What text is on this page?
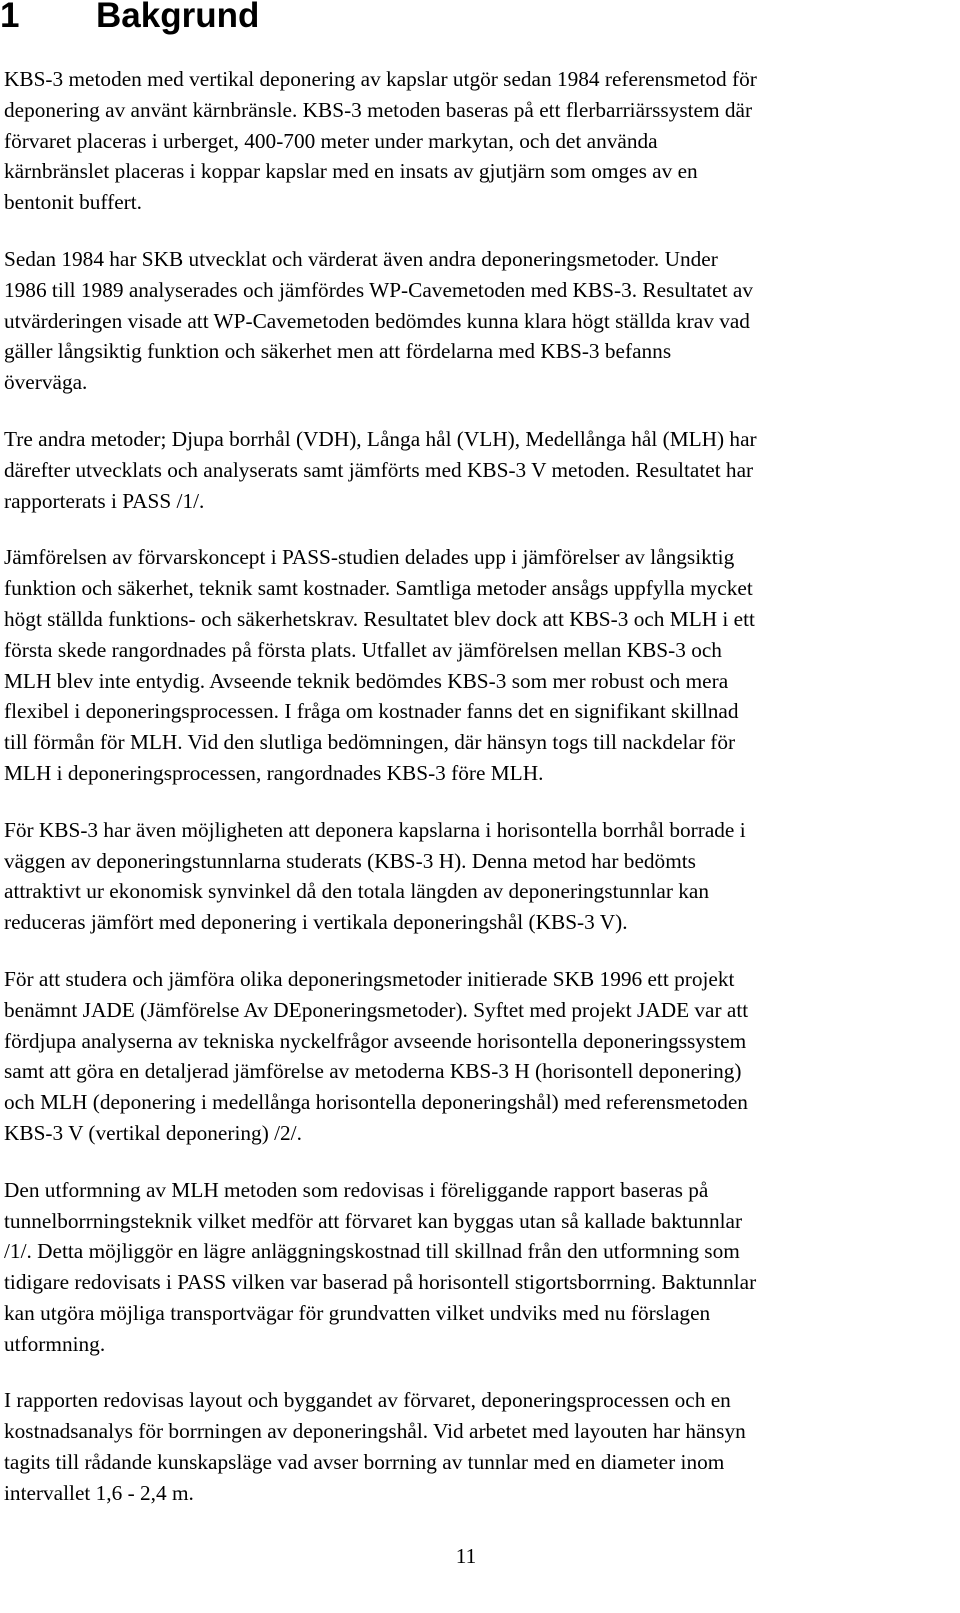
1 Bakgrund

KBS-3 metoden med vertikal deponering av kapslar utgör sedan 1984 referensmetod för
deponering av använt kärnbränsle. KBS-3 metoden baseras på ett flerbarriärssystem där
förvaret placeras i urberget, 400-700 meter under markytan, och det använda
kärnbränslet placeras i koppar kapslar med en insats av gjutjärn som omges av en
bentonit buffert.

Sedan 1984 har SKB utvecklat och värderat även andra deponeringsmetoder. Under
1986 till 1989 analyserades och jämfördes WP-Cavemetoden med KBS-3. Resultatet av
utvärderingen visade att WP-Cavemetoden bedömdes kunna klara högt ställda krav vad
gäller långsiktig funktion och säkerhet men att fördelarna med KBS-3 befanns
överväga.

Tre andra metoder; Djupa borrhål (VDH), Långa hål (VLH), Medellånga hål (MLH) har
därefter utvecklats och analyserats samt jämförts med KBS-3 V metoden. Resultatet har
rapporterats i PASS /1/.

Jämförelsen av förvarskoncept i PASS-studien delades upp i jämförelser av långsiktig
funktion och säkerhet, teknik samt kostnader. Samtliga metoder ansågs uppfylla mycket
högt ställda funktions- och säkerhetskrav. Resultatet blev dock att KBS-3 och MLH i ett
första skede rangordnades på första plats. Utfallet av jämförelsen mellan KBS-3 och
MLH blev inte entydig. Avseende teknik bedömdes KBS-3 som mer robust och mera
flexibel i deponeringsprocessen. I fråga om kostnader fanns det en signifikant skillnad
till förmån för MLH. Vid den slutliga bedömningen, där hänsyn togs till nackdelar för
MLH i deponeringsprocessen, rangordnades KBS-3 före MLH.

För KBS-3 har även möjligheten att deponera kapslarna i horisontella borrhål borrade i
väggen av deponeringstunnlarna studerats (KBS-3 H). Denna metod har bedömts
attraktivt ur ekonomisk synvinkel då den totala längden av deponeringstunnlar kan
reduceras jämfört med deponering i vertikala deponeringshål (KBS-3 V).

För att studera och jämföra olika deponeringsmetoder initierade SKB 1996 ett projekt
benämnt JADE (Jämförelse Av DEponeringsmetoder). Syftet med projekt JADE var att
fördjupa analyserna av tekniska nyckelfrågor avseende horisontella deponeringssystem
samt att göra en detaljerad jämförelse av metoderna KBS-3 H (horisontell deponering)
och MLH (deponering i medellånga horisontella deponeringshål) med referensmetoden
KBS-3 V (vertikal deponering) /2/.

Den utformning av MLH metoden som redovisas i föreliggande rapport baseras på
tunnelborrningsteknik vilket medför att förvaret kan byggas utan så kallade baktunnlar
/1/. Detta möjliggör en lägre anläggningskostnad till skillnad från den utformning som
tidigare redovisats i PASS vilken var baserad på horisontell stigortsborrning. Baktunnlar
kan utgöra möjliga transportvägar för grundvatten vilket undviks med nu förslagen
utformning.

I rapporten redovisas layout och byggandet av förvaret, deponeringsprocessen och en
kostnadsanalys för borrningen av deponeringshål. Vid arbetet med layouten har hänsyn
tagits till rådande kunskapsläge vad avser borrning av tunnlar med en diameter inom
intervallet 1,6 - 2,4 m.

11
